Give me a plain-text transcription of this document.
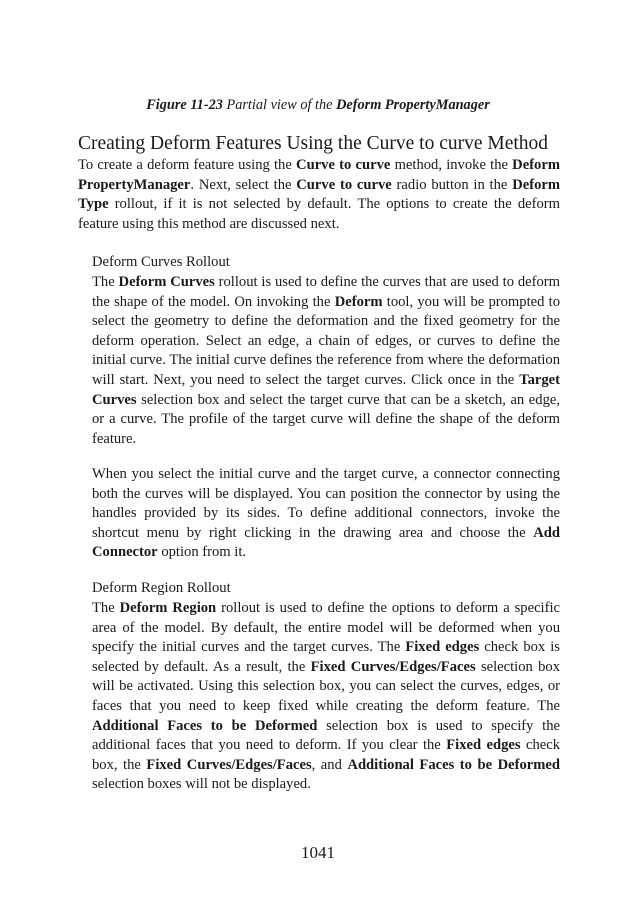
Figure 11-23 Partial view of the Deform PropertyManager
Creating Deform Features Using the Curve to curve Method
To create a deform feature using the Curve to curve method, invoke the Deform PropertyManager. Next, select the Curve to curve radio button in the Deform Type rollout, if it is not selected by default. The options to create the deform feature using this method are discussed next.
Deform Curves Rollout
The Deform Curves rollout is used to define the curves that are used to deform the shape of the model. On invoking the Deform tool, you will be prompted to select the geometry to define the deformation and the fixed geometry for the deform operation. Select an edge, a chain of edges, or curves to define the initial curve. The initial curve defines the reference from where the deformation will start. Next, you need to select the target curves. Click once in the Target Curves selection box and select the target curve that can be a sketch, an edge, or a curve. The profile of the target curve will define the shape of the deform feature.
When you select the initial curve and the target curve, a connector connecting both the curves will be displayed. You can position the connector by using the handles provided by its sides. To define additional connectors, invoke the shortcut menu by right clicking in the drawing area and choose the Add Connector option from it.
Deform Region Rollout
The Deform Region rollout is used to define the options to deform a specific area of the model. By default, the entire model will be deformed when you specify the initial curves and the target curves. The Fixed edges check box is selected by default. As a result, the Fixed Curves/Edges/Faces selection box will be activated. Using this selection box, you can select the curves, edges, or faces that you need to keep fixed while creating the deform feature. The Additional Faces to be Deformed selection box is used to specify the additional faces that you need to deform. If you clear the Fixed edges check box, the Fixed Curves/Edges/Faces, and Additional Faces to be Deformed selection boxes will not be displayed.
1041
